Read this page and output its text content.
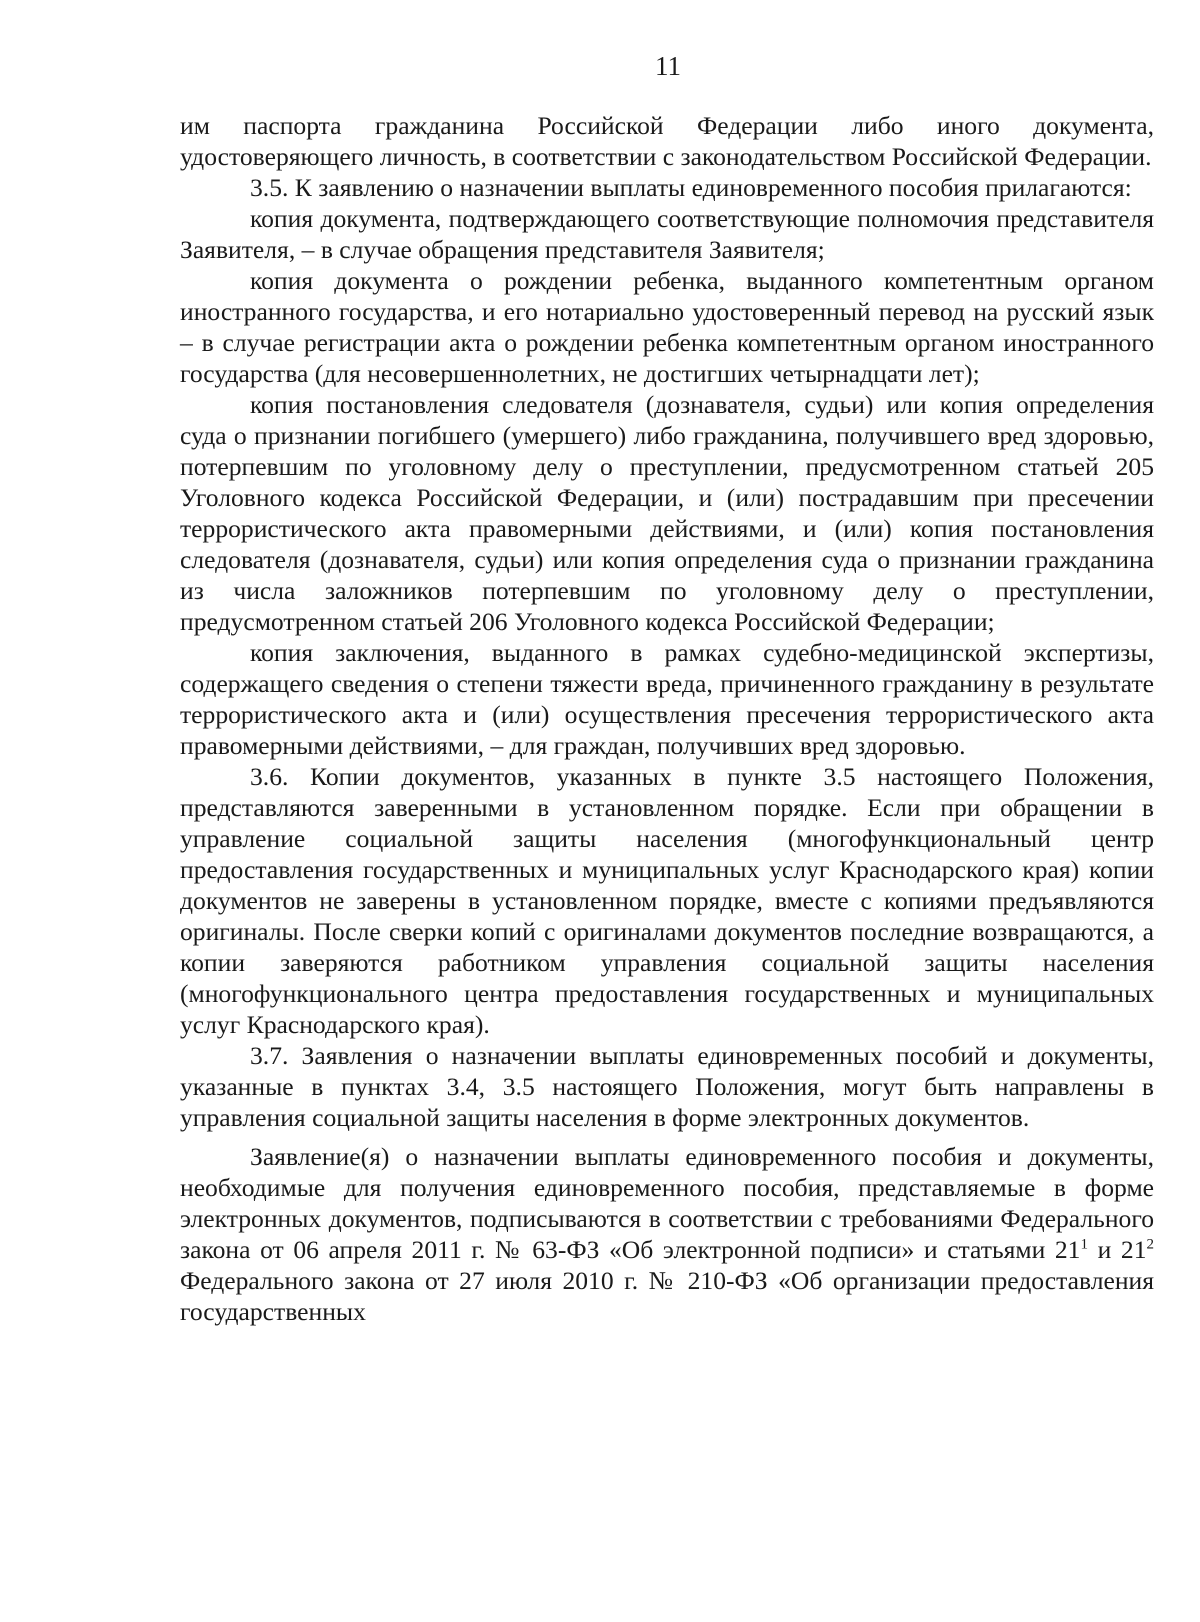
11

им паспорта гражданина Российской Федерации либо иного документа, удостоверяющего личность, в соответствии с законодательством Российской Федерации.

3.5. К заявлению о назначении выплаты единовременного пособия прилагаются:

копия документа, подтверждающего соответствующие полномочия представителя Заявителя, – в случае обращения представителя Заявителя;

копия документа о рождении ребенка, выданного компетентным органом иностранного государства, и его нотариально удостоверенный перевод на русский язык – в случае регистрации акта о рождении ребенка компетентным органом иностранного государства (для несовершеннолетних, не достигших четырнадцати лет);

копия постановления следователя (дознавателя, судьи) или копия определения суда о признании погибшего (умершего) либо гражданина, получившего вред здоровью, потерпевшим по уголовному делу о преступлении, предусмотренном статьей 205 Уголовного кодекса Российской Федерации, и (или) пострадавшим при пресечении террористического акта правомерными действиями, и (или) копия постановления следователя (дознавателя, судьи) или копия определения суда о признании гражданина из числа заложников потерпевшим по уголовному делу о преступлении, предусмотренном статьей 206 Уголовного кодекса Российской Федерации;

копия заключения, выданного в рамках судебно-медицинской экспертизы, содержащего сведения о степени тяжести вреда, причиненного гражданину в результате террористического акта и (или) осуществления пресечения террористического акта правомерными действиями, – для граждан, получивших вред здоровью.

3.6. Копии документов, указанных в пункте 3.5 настоящего Положения, представляются заверенными в установленном порядке. Если при обращении в управление социальной защиты населения (многофункциональный центр предоставления государственных и муниципальных услуг Краснодарского края) копии документов не заверены в установленном порядке, вместе с копиями предъявляются оригиналы. После сверки копий с оригиналами документов последние возвращаются, а копии заверяются работником управления социальной защиты населения (многофункционального центра предоставления государственных и муниципальных услуг Краснодарского края).

3.7. Заявления о назначении выплаты единовременных пособий и документы, указанные в пунктах 3.4, 3.5 настоящего Положения, могут быть направлены в управления социальной защиты населения в форме электронных документов.

Заявление(я) о назначении выплаты единовременного пособия и документы, необходимые для получения единовременного пособия, представляемые в форме электронных документов, подписываются в соответствии с требованиями Федерального закона от 06 апреля 2011 г. № 63-ФЗ «Об электронной подписи» и статьями $21^1$ и $21^2$ Федерального закона от 27 июля 2010 г. № 210-ФЗ «Об организации предоставления государственных
